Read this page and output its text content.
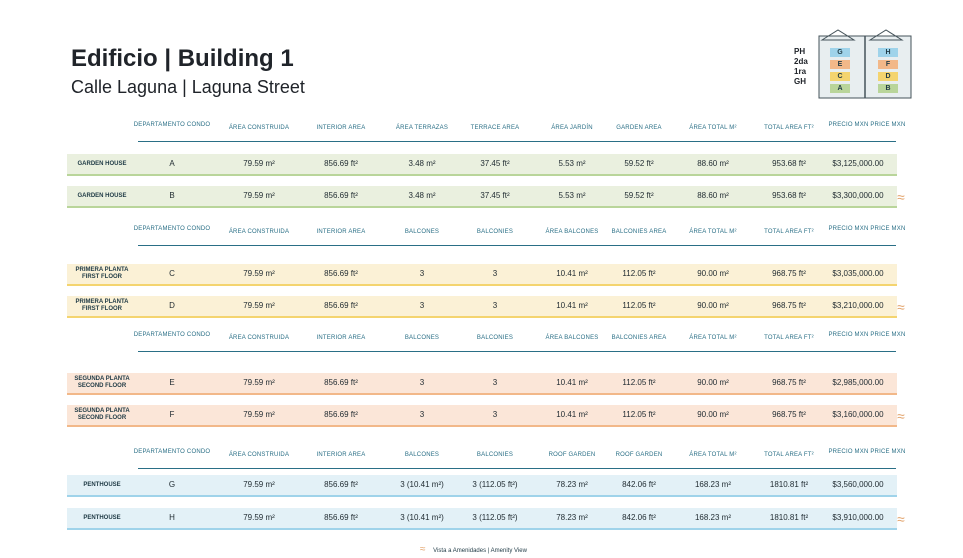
Edificio | Building 1
Calle Laguna | Laguna Street
PH
2da
1ra
GH
G	H
E	F
C	D
A	B
DEPARTAMENTO CONDO	ÁREA CONSTRUIDA	INTERIOR AREA	ÁREA TERRAZAS	TERRACE AREA	ÁREA JARDÍN	GARDEN AREA	ÁREA TOTAL M²	TOTAL AREA FT²	PRECIO MXN PRICE MXN
GARDEN HOUSE	A	79.59 m²	856.69 ft²	3.48 m²	37.45 ft²	5.53 m²	59.52 ft²	88.60 m²	953.68 ft²	$3,125,000.00
GARDEN HOUSE	B	79.59 m²	856.69 ft²	3.48 m²	37.45 ft²	5.53 m²	59.52 ft²	88.60 m²	953.68 ft²	$3,300,000.00 ≈
DEPARTAMENTO CONDO	ÁREA CONSTRUIDA	INTERIOR AREA	BALCONES	BALCONIES	ÁREA BALCONES	BALCONIES AREA	ÁREA TOTAL M²	TOTAL AREA FT²	PRECIO MXN PRICE MXN
PRIMERA PLANTA FIRST FLOOR	C	79.59 m²	856.69 ft²	3	3	10.41 m²	112.05 ft²	90.00 m²	968.75 ft²	$3,035,000.00
PRIMERA PLANTA FIRST FLOOR	D	79.59 m²	856.69 ft²	3	3	10.41 m²	112.05 ft²	90.00 m²	968.75 ft²	$3,210,000.00 ≈
DEPARTAMENTO CONDO	ÁREA CONSTRUIDA	INTERIOR AREA	BALCONES	BALCONIES	ÁREA BALCONES	BALCONIES AREA	ÁREA TOTAL M²	TOTAL AREA FT²	PRECIO MXN PRICE MXN
SEGUNDA PLANTA SECOND FLOOR	E	79.59 m²	856.69 ft²	3	3	10.41 m²	112.05 ft²	90.00 m²	968.75 ft²	$2,985,000.00
SEGUNDA PLANTA SECOND FLOOR	F	79.59 m²	856.69 ft²	3	3	10.41 m²	112.05 ft²	90.00 m²	968.75 ft²	$3,160,000.00 ≈
DEPARTAMENTO CONDO	ÁREA CONSTRUIDA	INTERIOR AREA	BALCONES	BALCONIES	ROOF GARDEN	ROOF GARDEN	ÁREA TOTAL M²	TOTAL AREA FT²	PRECIO MXN PRICE MXN
PENTHOUSE	G	79.59 m²	856.69 ft²	3 (10.41 m²)	3 (112.05 ft²)	78.23 m²	842.06 ft²	168.23 m²	1810.81 ft²	$3,560,000.00
PENTHOUSE	H	79.59 m²	856.69 ft²	3 (10.41 m²)	3 (112.05 ft²)	78.23 m²	842.06 ft²	168.23 m²	1810.81 ft²	$3,910,000.00 ≈
≈ Vista a Amenidades | Amenity View
